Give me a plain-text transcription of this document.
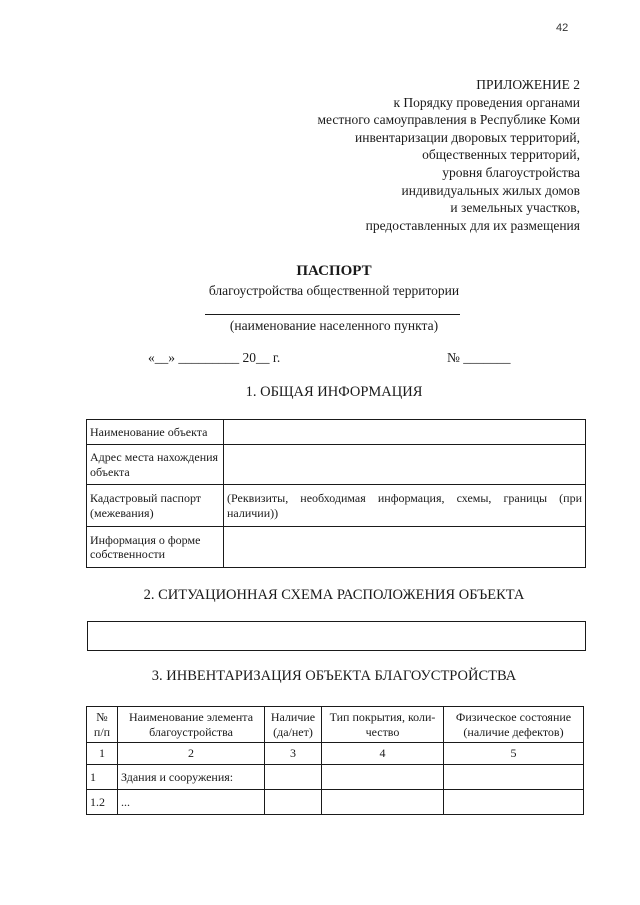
42
ПРИЛОЖЕНИЕ 2
к Порядку проведения органами
местного самоуправления в Республике Коми
инвентаризации дворовых территорий,
общественных территорий,
уровня благоустройства
индивидуальных жилых домов
и земельных участков,
предоставленных для их размещения
ПАСПОРТ
благоустройства общественной территории
(наименование населенного пункта)
«__» _________ 20__ г.	№ _______
1. ОБЩАЯ ИНФОРМАЦИЯ
Наименование объекта	
Адрес места нахождения объекта	
Кадастровый паспорт (межевания)	(Реквизиты, необходимая информация, схемы, границы (при наличии))
Информация о форме собственности	
2. СИТУАЦИОННАЯ СХЕМА РАСПОЛОЖЕНИЯ ОБЪЕКТА
3. ИНВЕНТАРИЗАЦИЯ ОБЪЕКТА БЛАГОУСТРОЙСТВА
№ п/п	Наименование элемента благоустройства	Наличие (да/нет)	Тип покрытия, количество	Физическое состояние (наличие дефектов)
1	2	3	4	5
1	Здания и сооружения:			
1.2	...			
